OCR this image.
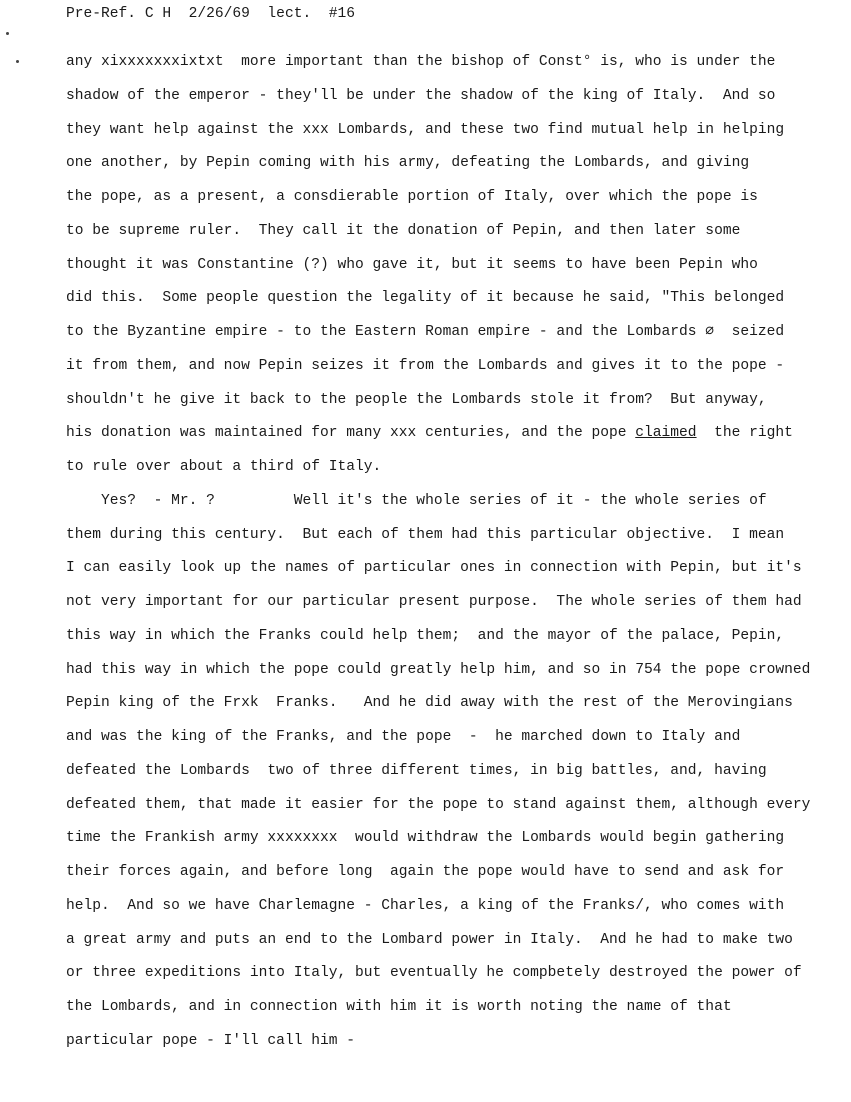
Pre-Ref. C H  2/26/69  lect.  #16
any xixxxxxxxixtxt  more important than the bishop of Const° is, who is under the
shadow of the emperor - they'll be under the shadow of the king of Italy.  And so
they want help against the xxx Lombards, and these two find mutual help in helping
one another, by Pepin coming with his army, defeating the Lombards, and giving
the pope, as a present, a consdierable portion of Italy, over which the pope is
to be supreme ruler.  They call it the donation of Pepin, and then later some
thought it was Constantine (?) who gave it, but it seems to have been Pepin who
did this.  Some people question the legality of it because he said, "This belonged
to the Byzantine empire - to the Eastern Roman empire - and the Lombards ∅  seized
it from them, and now Pepin seizes it from the Lombards and gives it to the pope -
shouldn't he give it back to the people the Lombards stole it from?  But anyway,
his donation was maintained for many xxx centuries, and the pope claimed  the right
to rule over about a third of Italy.
Yes?  - Mr. ?         Well it's the whole series of it - the whole series of
them during this century.  But each of them had this particular objective.  I mean
I can easily look up the names of particular ones in connection with Pepin, but it's
not very important for our particular present purpose.  The whole series of them had
this way in which the Franks could help them;  and the mayor of the palace, Pepin,
had this way in which the pope could greatly help him, and so in 754 the pope crowned
Pepin king of the Frxk  Franks.   And he did away with the rest of the Merovingians
and was the king of the Franks, and the pope  -  he marched down to Italy and
defeated the Lombards  two of three different times, in big battles, and, having
defeated them, that made it easier for the pope to stand against them, although every
time the Frankish army xxxxxxxx  would withdraw the Lombards would begin gathering
their forces again, and before long  again the pope would have to send and ask for
help.  And so we have Charlemagne - Charles, a king of the Franks/, who comes with
a great army and puts an end to the Lombard power in Italy.  And he had to make two
or three expeditions into Italy, but eventually he compbetely destroyed the power of
the Lombards, and in connection with him it is worth noting the name of that
particular pope - I'll call him -
